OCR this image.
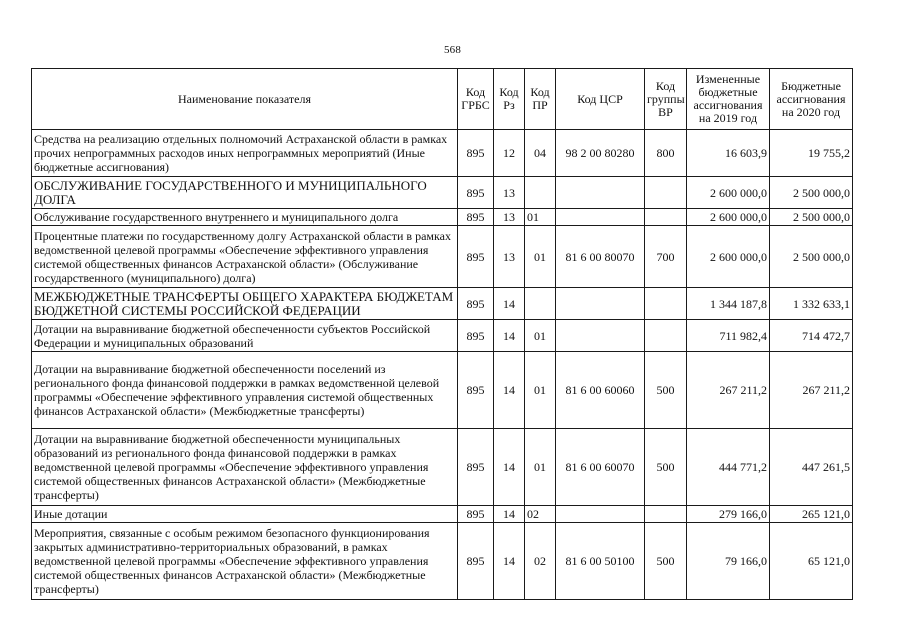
568
Наименование показателя	Код ГРБС	Код Рз	Код ПР	Код ЦСР	Код группы ВР	Измененные бюджетные ассигнования на 2019 год	Бюджетные ассигнования на 2020 год
Средства на реализацию отдельных полномочий Астраханской области в рамках прочих непрограммных расходов иных непрограммных мероприятий (Иные бюджетные ассигнования)	895	12	04	98 2 00 80280	800	16 603,9	19 755,2
ОБСЛУЖИВАНИЕ ГОСУДАРСТВЕННОГО И МУНИЦИПАЛЬНОГО ДОЛГА	895	13				2 600 000,0	2 500 000,0
Обслуживание государственного внутреннего и муниципального долга	895	13	01			2 600 000,0	2 500 000,0
Процентные платежи по государственному долгу Астраханской области в рамках ведомственной целевой программы «Обеспечение эффективного управления системой общественных финансов Астраханской области» (Обслуживание государственного (муниципального) долга)	895	13	01	81 6 00 80070	700	2 600 000,0	2 500 000,0
МЕЖБЮДЖЕТНЫЕ ТРАНСФЕРТЫ ОБЩЕГО ХАРАКТЕРА БЮДЖЕТАМ БЮДЖЕТНОЙ СИСТЕМЫ РОССИЙСКОЙ ФЕДЕРАЦИИ	895	14				1 344 187,8	1 332 633,1
Дотации на выравнивание бюджетной обеспеченности субъектов Российской Федерации и муниципальных образований	895	14	01			711 982,4	714 472,7
Дотации на выравнивание бюджетной обеспеченности поселений из регионального фонда финансовой поддержки в рамках ведомственной целевой программы «Обеспечение эффективного управления системой общественных финансов Астраханской области» (Межбюджетные трансферты)	895	14	01	81 6 00 60060	500	267 211,2	267 211,2
Дотации на выравнивание бюджетной обеспеченности муниципальных образований из регионального фонда финансовой поддержки в рамках ведомственной целевой программы «Обеспечение эффективного управления системой общественных финансов Астраханской области» (Межбюджетные трансферты)	895	14	01	81 6 00 60070	500	444 771,2	447 261,5
Иные дотации	895	14	02			279 166,0	265 121,0
Мероприятия, связанные с особым режимом безопасного функционирования закрытых административно-территориальных образований, в рамках ведомственной целевой программы «Обеспечение эффективного управления системой общественных финансов Астраханской области» (Межбюджетные трансферты)	895	14	02	81 6 00 50100	500	79 166,0	65 121,0
